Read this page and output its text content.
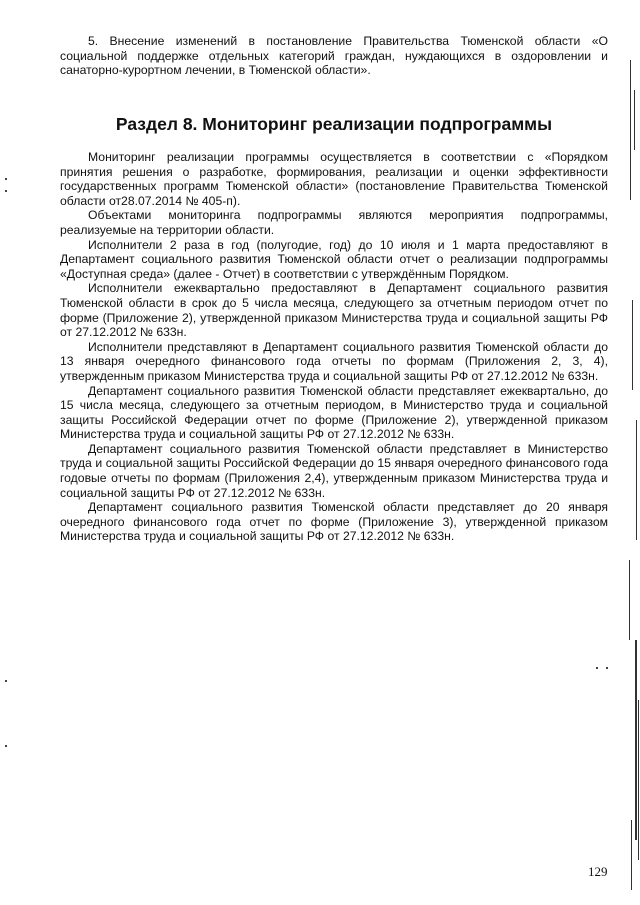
5. Внесение изменений в постановление Правительства Тюменской области «О социальной поддержке отдельных категорий граждан, нуждающихся в оздоровлении и санаторно-курортном лечении, в Тюменской области».

Раздел 8. Мониторинг реализации подпрограммы

Мониторинг реализации программы осуществляется в соответствии с «Порядком принятия решения о разработке, формирования, реализации и оценки эффективности государственных программ Тюменской области» (постановление Правительства Тюменской области от28.07.2014 № 405-п).

Объектами мониторинга подпрограммы являются мероприятия подпрограммы, реализуемые на территории области.

Исполнители 2 раза в год (полугодие, год) до 10 июля и 1 марта предоставляют в Департамент социального развития Тюменской области отчет о реализации подпрограммы «Доступная среда» (далее - Отчет) в соответствии с утверждённым Порядком.

Исполнители ежеквартально предоставляют в Департамент социального развития Тюменской области в срок до 5 числа месяца, следующего за отчетным периодом отчет по форме (Приложение 2), утвержденной приказом Министерства труда и социальной защиты РФ от 27.12.2012 № 633н.

Исполнители представляют в Департамент социального развития Тюменской области до 13 января очередного финансового года отчеты по формам (Приложения 2, 3, 4), утвержденным приказом Министерства труда и социальной защиты РФ от 27.12.2012 № 633н.

Департамент социального развития Тюменской области представляет ежеквартально, до 15 числа месяца, следующего за отчетным периодом, в Министерство труда и социальной защиты Российской Федерации отчет по форме (Приложение 2), утвержденной приказом Министерства труда и социальной защиты РФ от 27.12.2012 № 633н.

Департамент социального развития Тюменской области представляет в Министерство труда и социальной защиты Российской Федерации до 15 января очередного финансового года годовые отчеты по формам (Приложения 2,4), утвержденным приказом Министерства труда и социальной защиты РФ от 27.12.2012 № 633н.

Департамент социального развития Тюменской области представляет до 20 января очередного финансового года отчет по форме (Приложение 3), утвержденной приказом Министерства труда и социальной защиты РФ от 27.12.2012 № 633н.

129
